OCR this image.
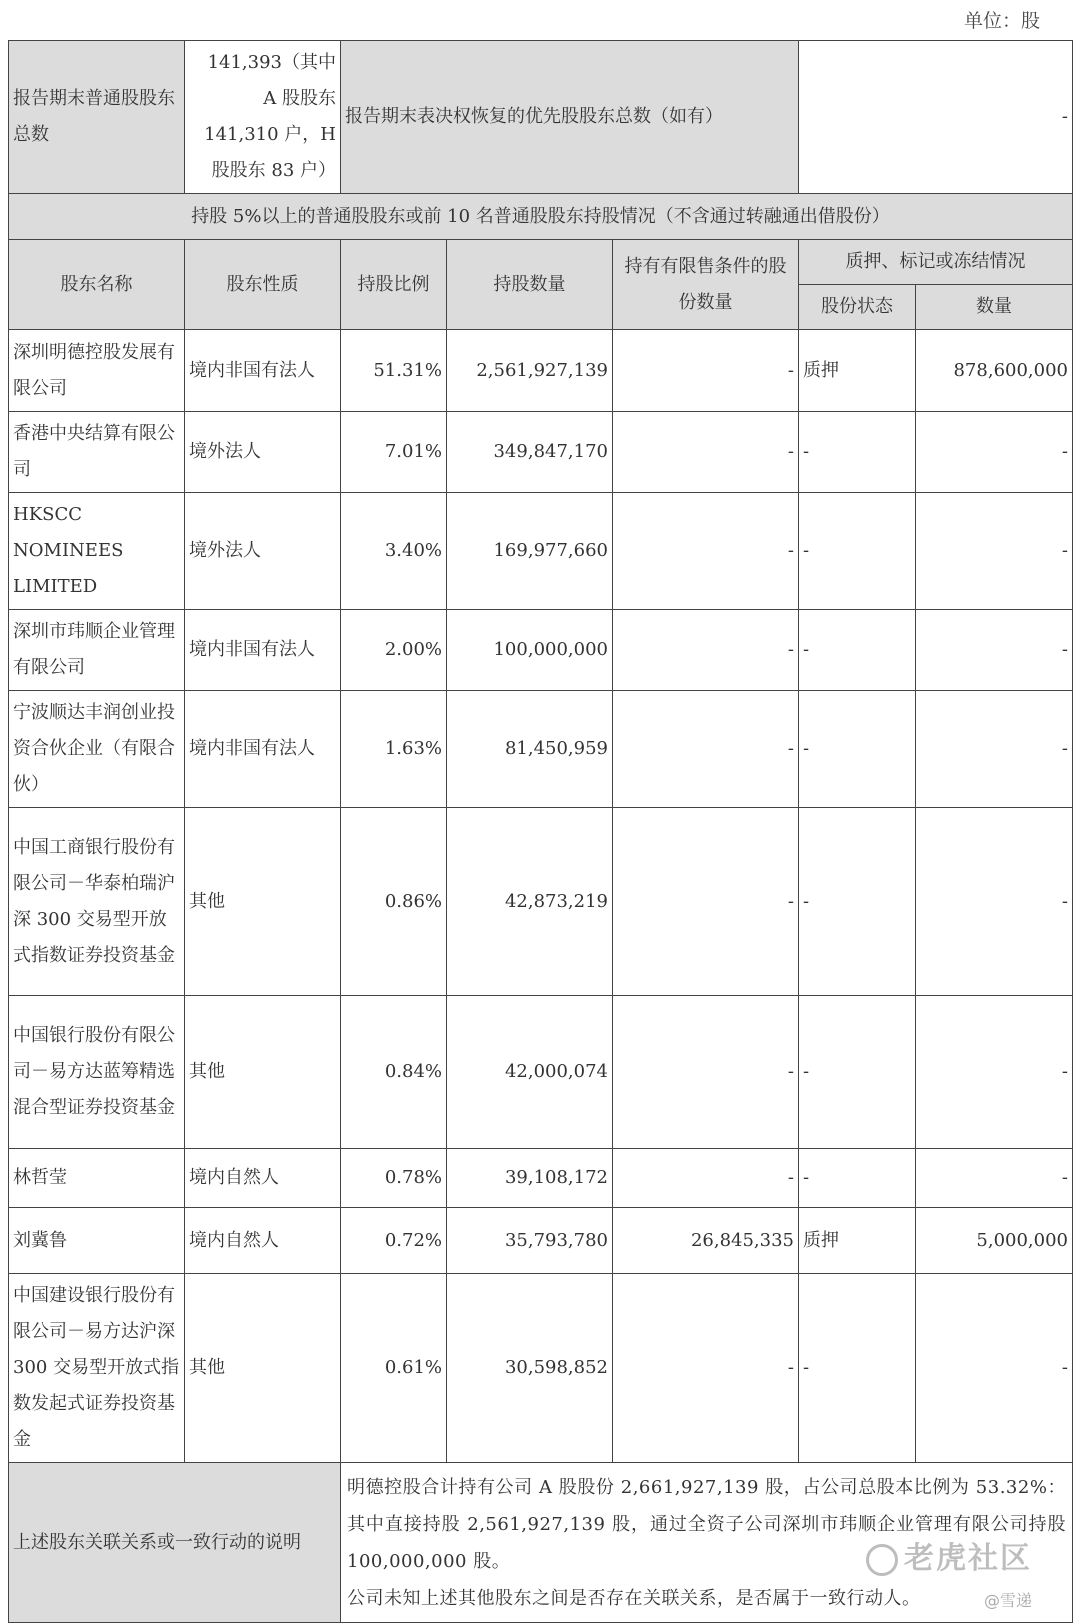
单位：股
报告期末普通股股东总数	141,393（其中 A 股股东 141,310 户，H 股股东 83 户）	报告期末表决权恢复的优先股股东总数（如有）			-	
持股 5%以上的普通股股东或前 10 名普通股股东持股情况（不含通过转融通出借股份）						
股东名称	股东性质	持股比例	持股数量	持有有限售条件的股份数量	质押、标记或冻结情况	
					股份状态	数量
深圳明德控股发展有限公司	境内非国有法人	51.31%	2,561,927,139	-	质押	878,600,000
香港中央结算有限公司	境外法人	7.01%	349,847,170	-	-	-
HKSCC NOMINEES LIMITED	境外法人	3.40%	169,977,660	-	-	-
深圳市玮顺企业管理有限公司	境内非国有法人	2.00%	100,000,000	-	-	-
宁波顺达丰润创业投资合伙企业（有限合伙）	境内非国有法人	1.63%	81,450,959	-	-	-
中国工商银行股份有限公司－华泰柏瑞沪深 300 交易型开放式指数证券投资基金	其他	0.86%	42,873,219	-	-	-
中国银行股份有限公司－易方达蓝筹精选混合型证券投资基金	其他	0.84%	42,000,074	-	-	-
林哲莹	境内自然人	0.78%	39,108,172	-	-	-
刘冀鲁	境内自然人	0.72%	35,793,780	26,845,335	质押	5,000,000
中国建设银行股份有限公司－易方达沪深 300 交易型开放式指数发起式证券投资基金	其他	0.61%	30,598,852	-	-	-
上述股东关联关系或一致行动的说明		明德控股合计持有公司 A 股股份 2,661,927,139 股，占公司总股本比例为 53.32%：其中直接持股 2,561,927,139 股，通过全资子公司深圳市玮顺企业管理有限公司持股 100,000,000 股。
公司未知上述其他股东之间是否存在关联关系，是否属于一致行动人。				
老虎社区
@雪递
